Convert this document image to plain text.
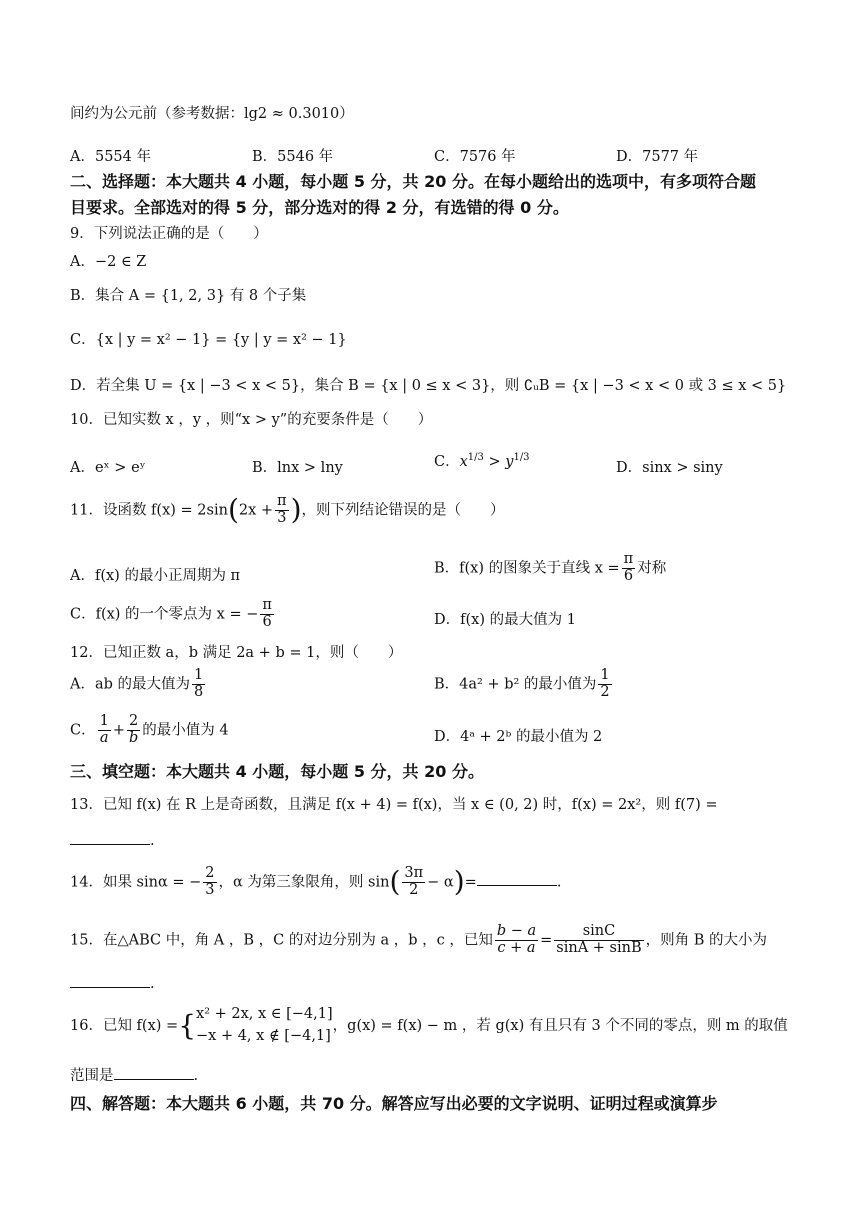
间约为公元前（参考数据：lg2 ≈ 0.3010）
A．5554 年	B．5546 年	C．7576 年	D．7577 年
二、选择题：本大题共 4 小题，每小题 5 分，共 20 分。在每小题给出的选项中，有多项符合题
目要求。全部选对的得 5 分，部分选对的得 2 分，有选错的得 0 分。
9．下列说法正确的是（　　）
A．−2 ∈ Z
B．集合 A = {1, 2, 3} 有 8 个子集
C．{x | y = x² − 1} = {y | y = x² − 1}
D．若全集 U = {x | −3 < x < 5}，集合 B = {x | 0 ≤ x < 3}，则 ∁ᵤB = {x | −3 < x < 0 或 3 ≤ x < 5}
10．已知实数 x ，y ，则“x > y”的充要条件是（　　）
A．eˣ > eʸ	B．lnx > lny	C．$x^{1/3} > y^{1/3}$
D．sinx > siny
11．设函数 $f(x) = 2\sin(2x + \frac{\pi}{3}$ )，则下列结论错误的是（　　）
A．f(x) 的最小正周期为 π	B．f(x) 的图象关于直线 $x = \frac{\pi}{6}$ 对称
C．f(x) 的一个零点为 x = − $\frac{\pi}{6}$	D．f(x) 的最大值为 1
12．已知正数 a，b 满足 2a + b = 1，则（　　）
A．ab 的最大值为 $\frac{1}{8}$	B．4a² + b² 的最小值为 $\frac{1}{2}$
C． $\frac{1}{a} + \frac{2}{b}$ 的最小值为 4	D．4ᵃ + 2ᵇ 的最小值为 2
三、填空题：本大题共 4 小题，每小题 5 分，共 20 分。
13．已知 f(x) 在 R 上是奇函数，且满足 f(x + 4) = f(x)，当 x ∈ (0, 2) 时，f(x) = 2x²，则 f(7) =
.
14．如果 sinα = − $\frac{2}{3}$ ，α 为第三象限角，则 $\sin( \frac{3\pi}{2} - \alpha)=$	.
15．在△ABC 中，角 A ，B ，C 的对边分别为 a ，b ，c ，已知 $\frac{b - a}{c + a} = \frac{\sin C}{\sin A + \sin B}$ ，则角 B 的大小为
.
16．已知 f(x) ={ x² + 2x, x ∈ [−4,1]
−x + 4, x ∉ [−4,1]
，g(x) = f(x) − m ，若 g(x) 有且只有 3 个不同的零点，则 m 的取值
范围是	.
四、解答题：本大题共 6 小题，共 70 分。解答应写出必要的文字说明、证明过程或演算步
